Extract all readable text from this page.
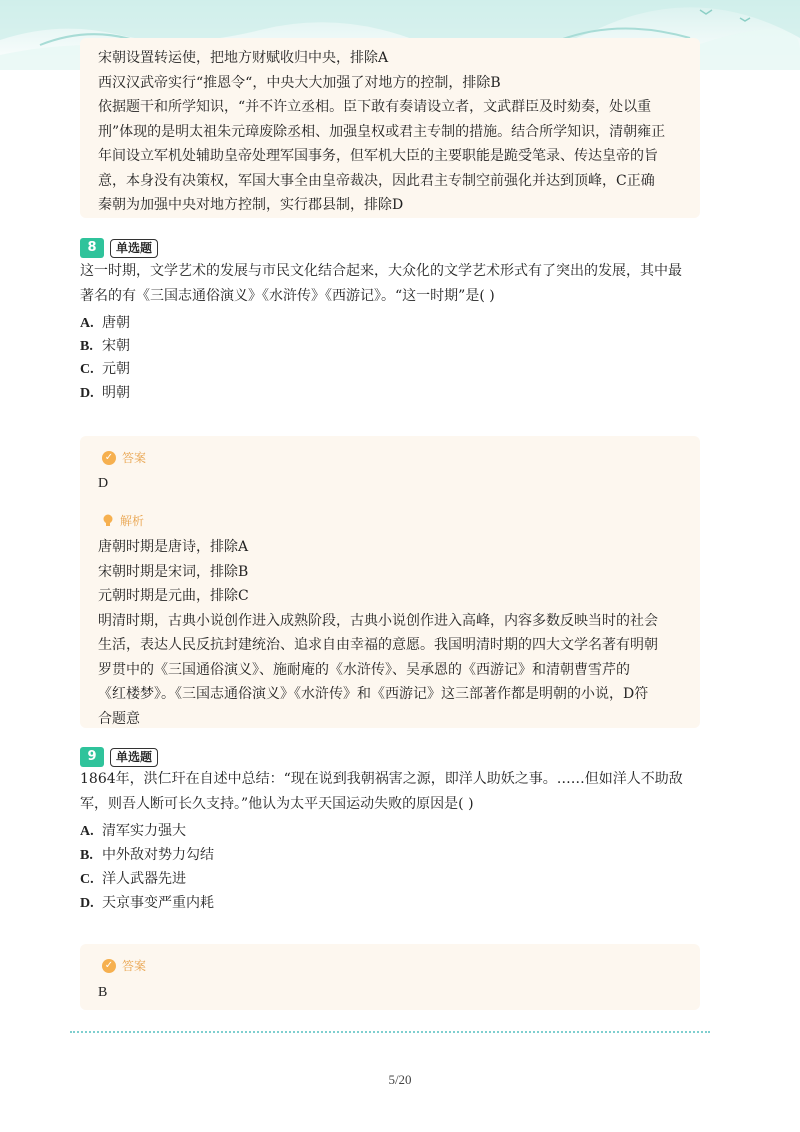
宋朝设置转运使，把地方财赋收归中央，排除A
西汉汉武帝实行“推恩令“，中央大大加强了对地方的控制，排除B
依据题干和所学知识，“并不许立丞相。臣下敢有奏请设立者，文武群臣及时劾奏，处以重
刑”体现的是明太祖朱元璋废除丞相、加强皇权或君主专制的措施。结合所学知识，清朝雍正
年间设立军机处辅助皇帝处理军国事务，但军机大臣的主要职能是跪受笔录、传达皇帝的旨
意，本身没有决策权，军国大事全由皇帝裁决，因此君主专制空前强化并达到顶峰，C正确
秦朝为加强中央对地方控制，实行郡县制，排除D
8	单选题
这一时期，文学艺术的发展与市民文化结合起来，大众化的文学艺术形式有了突出的发展，其中最
著名的有《三国志通俗演义》《水浒传》《西游记》。“这一时期”是( )
A. 唐朝
B. 宋朝
C. 元朝
D. 明朝
✓ 答案
D
解析
唐朝时期是唐诗，排除A
宋朝时期是宋词，排除B
元朝时期是元曲，排除C
明清时期，古典小说创作进入成熟阶段，古典小说创作进入高峰，内容多数反映当时的社会
生活，表达人民反抗封建统治、追求自由幸福的意愿。我国明清时期的四大文学名著有明朝
罗贯中的《三国通俗演义》、施耐庵的《水浒传》、吴承恩的《西游记》和清朝曹雪芹的
《红楼梦》。《三国志通俗演义》《水浒传》和《西游记》这三部著作都是明朝的小说，D符
合题意
9	单选题
1864年，洪仁玕在自述中总结：“现在说到我朝祸害之源，即洋人助妖之事。……但如洋人不助敌
军，则吾人断可长久支持。”他认为太平天国运动失败的原因是( )
A. 清军实力强大
B. 中外敌对势力勾结
C. 洋人武器先进
D. 天京事变严重内耗
✓ 答案
B
5/20
